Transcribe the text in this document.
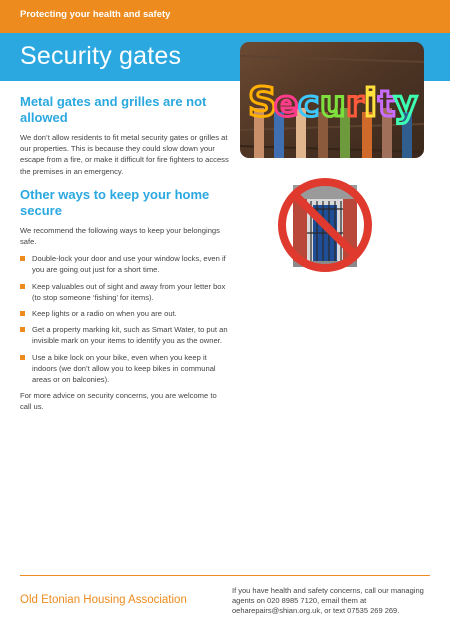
Protecting your health and safety
Security gates
S
e c u r i t
y
Metal gates and grilles are not allowed

We don’t allow residents to fit metal security gates or grilles at our properties. This is because they could slow down your escape from a fire, or make it difficult for fire fighters to access the premises in an emergency.

Other ways to keep your home secure

We recommend the following ways to keep your belongings safe.

Double-lock your door and use your window locks, even if you are going out just for a short time.
Keep valuables out of sight and away from your letter box (to stop someone ‘fishing’ for items).
Keep lights or a radio on when you are out.
Get a property marking kit, such as Smart Water, to put an invisible mark on your items to identify you as the owner.
Use a bike lock on your bike, even when you keep it indoors (we don’t allow you to keep bikes in communal areas or on balconies).

For more advice on security concerns, you are welcome to call us.

Old Etonian Housing Association
If you have health and safety concerns, call our managing agents on 020 8985 7120, email them at oeharepairs@shian.org.uk, or text 07535 269 269.
